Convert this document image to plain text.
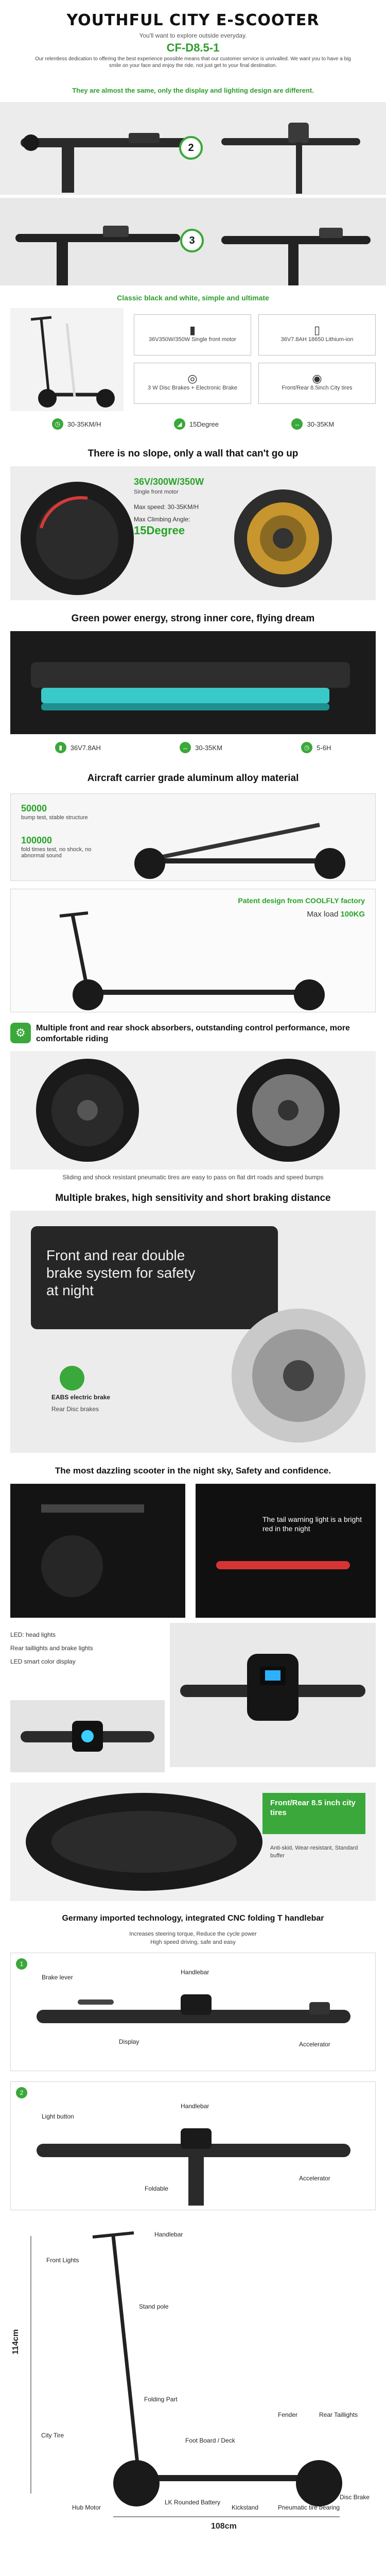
YOUTHFUL CITY E-SCOOTER
You'll want to explore outside everyday.
CF-D8.5-1
Our relentless dedication to offering the best experience possible means that our customer service is unrivalled. We want you to have a big smile on your face and enjoy the ride, not just get to your final destination.
They are almost the same, only the display and lighting design are different.
2
3
Classic black and white, simple and ultimate
▮
36V350W/350W Single front motor
▯
36V7.8AH 18650 Lithium-ion
◎
3 W Disc Brakes + Electronic Brake
◉
Front/Rear 8.5inch City tires
◷	30-35KM/H	◢	15Degree	↔	30-35KM
There is no slope, only a wall that can't go up
36V/300W/350W
Single front motor
Max speed: 30-35KM/H
Max Climbing Angle:
15Degree
Green power energy, strong inner core, flying dream
▮	36V7.8AH	↔	30-35KM	◷	5-6H
Aircraft carrier grade aluminum alloy material
50000
bump test, stable structure
100000
fold times test, no shock, no abnormal sound
Patent design from COOLFLY factory
Max load 100KG
⚙	Multiple front and rear shock absorbers, outstanding control performance, more comfortable riding
Sliding and shock resistant pneumatic tires are easy to pass on flat dirt roads and speed bumps
Multiple brakes, high sensitivity and short braking distance
Front and rear double brake system for safety at night
EABS electric brake
Rear Disc brakes
The most dazzling scooter in the night sky, Safety and confidence.
The tail warning light is a bright red in the night
LED: head lights
Rear taillights and brake lights
LED smart color display
Front/Rear 8.5 inch city tires
Anti-skid, Wear-resistant, Standard buffer
Germany imported technology, integrated CNC folding T handlebar
Increases steering torque, Reduce the cycle power
High speed driving, safe and easy
1
Brake lever
Handlebar
Display	Accelerator
2
Handlebar
Light button
Foldable
Accelerator
114cm
108cm
Handlebar
Front Lights
Stand pole
Folding Part
Fender	Rear Taillights
City Tire
Foot Board / Deck
Hub Motor
LK Rounded Battery
Kickstand	Pneumatic tire bearing
Disc Brake
